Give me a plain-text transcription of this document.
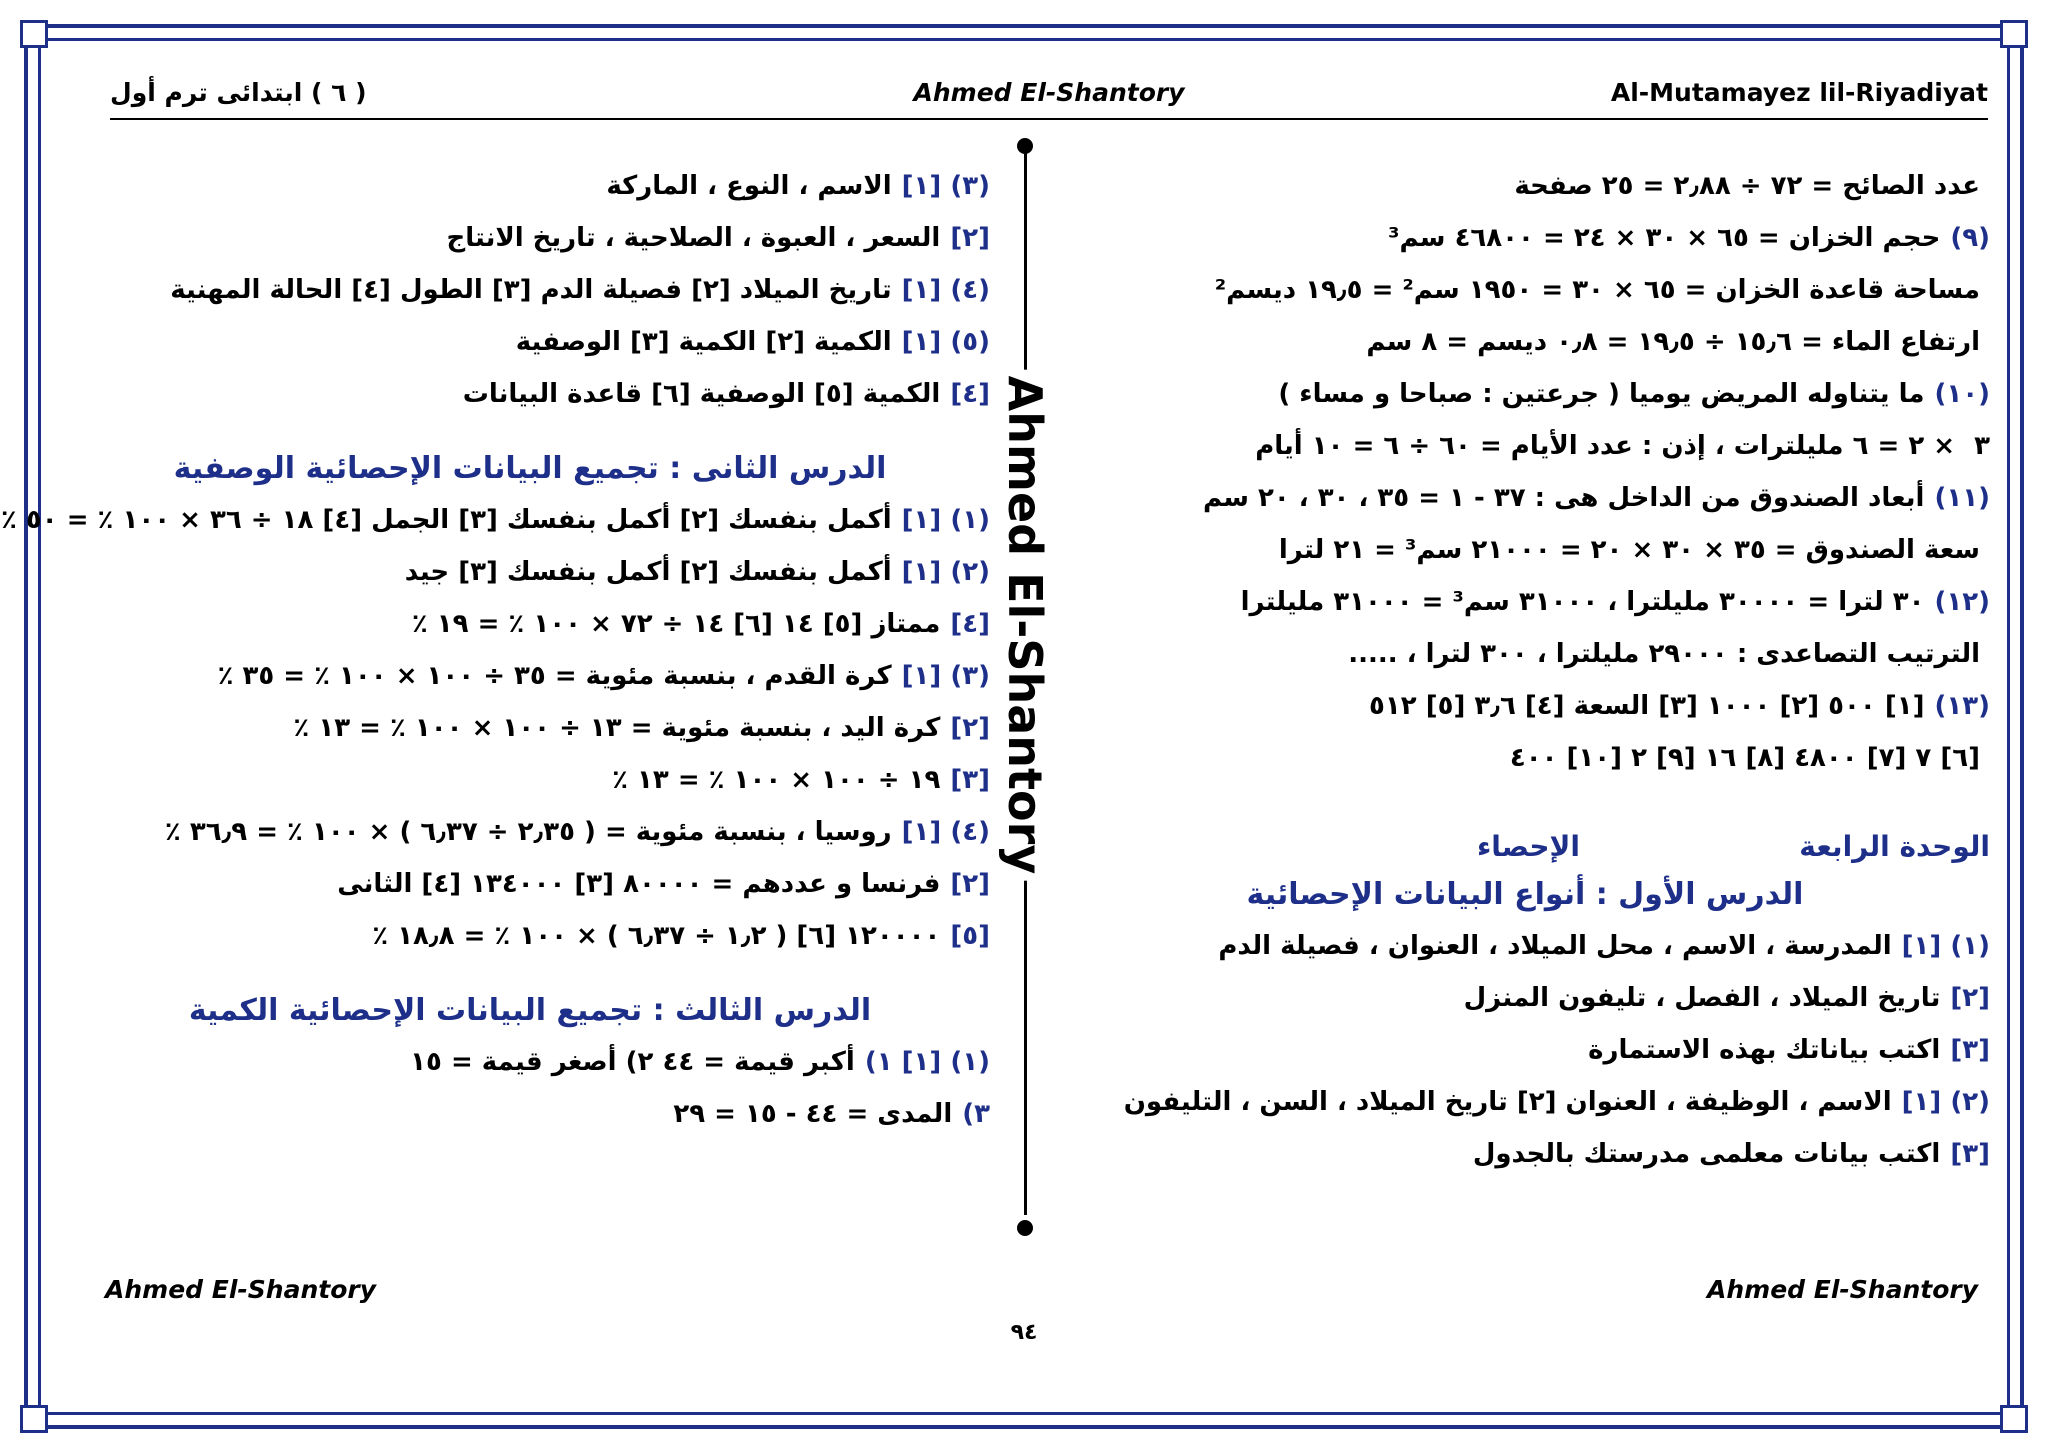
Al-Mutamayez lil-Riyadiyat
Ahmed El-Shantory
( ٦ ) ابتدائى ترم أول
Ahmed El-Shantory
عدد الصائح = ٧٢ ÷ ٢٫٨٨ = ٢٥ صفحة
(٩)حجم الخزان = ٦٥ × ٣٠ × ٢٤ = ٤٦٨٠٠ سم³
مساحة قاعدة الخزان = ٦٥ × ٣٠ = ١٩٥٠ سم² = ١٩٫٥ ديسم²
ارتفاع الماء = ١٥٫٦ ÷ ١٩٫٥ = ٠٫٨ ديسم = ٨ سم
(١٠)ما يتناوله المريض يوميا ( جرعتين : صباحا و مساء )
٣ × ٢ = ٦ مليلترات ، إذن : عدد الأيام = ٦٠ ÷ ٦ = ١٠ أيام
(١١)أبعاد الصندوق من الداخل هى : ٣٧ - ١ = ٣٥ ، ٣٠ ، ٢٠ سم
سعة الصندوق = ٣٥ × ٣٠ × ٢٠ = ٢١٠٠٠ سم³ = ٢١ لترا
(١٢)٣٠ لترا = ٣٠٠٠٠ مليلترا ، ٣١٠٠٠ سم³ = ٣١٠٠٠ مليلترا
الترتيب التصاعدى : ٢٩٠٠٠ مليلترا ، ٣٠٠ لترا ، .....
(١٣)[١] ٥٠٠ [٢] ١٠٠٠ [٣] السعة [٤] ٣٫٦ [٥] ٥١٢
[٦] ٧ [٧] ٤٨٠٠ [٨] ١٦ [٩] ٢ [١٠] ٤٠٠
الوحدة الرابعة
الإحصاء
الدرس الأول : أنواع البيانات الإحصائية
(١) [١]المدرسة ، الاسم ، محل الميلاد ، العنوان ، فصيلة الدم
[٢]تاريخ الميلاد ، الفصل ، تليفون المنزل
[٣]اكتب بياناتك بهذه الاستمارة
(٢) [١]الاسم ، الوظيفة ، العنوان [٢] تاريخ الميلاد ، السن ، التليفون
[٣]اكتب بيانات معلمى مدرستك بالجدول
(٣) [١]الاسم ، النوع ، الماركة
[٢]السعر ، العبوة ، الصلاحية ، تاريخ الانتاج
(٤) [١]تاريخ الميلاد [٢] فصيلة الدم [٣] الطول [٤] الحالة المهنية
(٥) [١]الكمية [٢] الكمية [٣] الوصفية
[٤]الكمية [٥] الوصفية [٦] قاعدة البيانات
الدرس الثانى : تجميع البيانات الإحصائية الوصفية
(١) [١]أكمل بنفسك [٢] أكمل بنفسك [٣] الجمل [٤] ١٨ ÷ ٣٦ × ١٠٠ ٪ = ٥٠ ٪
(٢) [١]أكمل بنفسك [٢] أكمل بنفسك [٣] جيد
[٤]ممتاز [٥] ١٤ [٦] ١٤ ÷ ٧٢ × ١٠٠ ٪ = ١٩ ٪
(٣) [١]كرة القدم ، بنسبة مئوية = ٣٥ ÷ ١٠٠ × ١٠٠ ٪ = ٣٥ ٪
[٢]كرة اليد ، بنسبة مئوية = ١٣ ÷ ١٠٠ × ١٠٠ ٪ = ١٣ ٪
[٣]١٩ ÷ ١٠٠ × ١٠٠ ٪ = ١٣ ٪
(٤) [١]روسيا ، بنسبة مئوية = ( ٢٫٣٥ ÷ ٦٫٣٧ ) × ١٠٠ ٪ = ٣٦٫٩ ٪
[٢]فرنسا و عددهم = ٨٠٠٠٠ [٣] ١٣٤٠٠٠ [٤] الثانى
[٥]١٢٠٠٠٠ [٦] ( ١٫٢ ÷ ٦٫٣٧ ) × ١٠٠ ٪ = ١٨٫٨ ٪
الدرس الثالث : تجميع البيانات الإحصائية الكمية
(١) [١] ١)أكبر قيمة = ٤٤ ٢) أصغر قيمة = ١٥
٣)المدى = ٤٤ - ١٥ = ٢٩
Ahmed El-Shantory
Ahmed El-Shantory
٩٤
